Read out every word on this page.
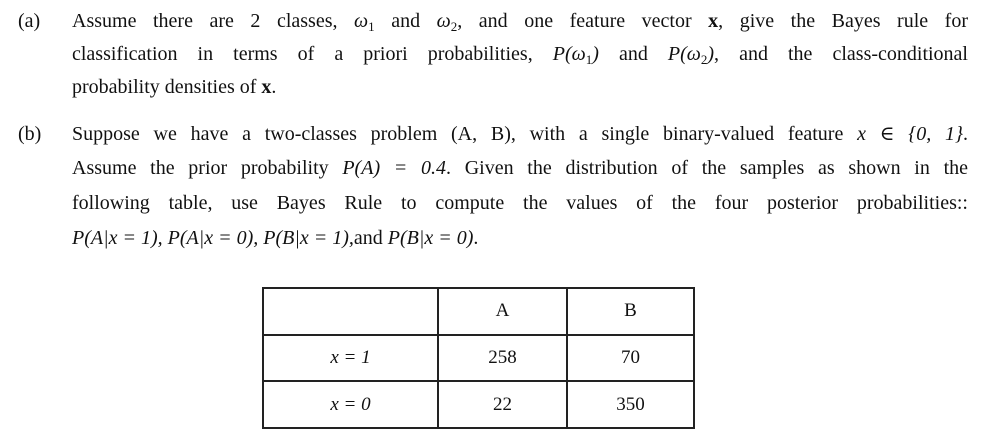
(a)	Assume there are 2 classes, $\omega_1$ and $\omega_2$, and one feature vector x, give the Bayes rule for
classification in terms of a priori probabilities, $P(\omega_1)$ and $P(\omega_2)$, and the class-conditional
probability densities of x.
(b)	Suppose we have a two-classes problem (A, B), with a single binary-valued feature x ∈ {0, 1}.
Assume the prior probability P(A) = 0.4. Given the distribution of the samples as shown in the
following table, use Bayes Rule to compute the values of the four posterior probabilities::
P(A|x = 1), P(A|x = 0), P(B|x = 1),and P(B|x = 0).
	A	B
x = 1	258	70
x = 0	22	350
